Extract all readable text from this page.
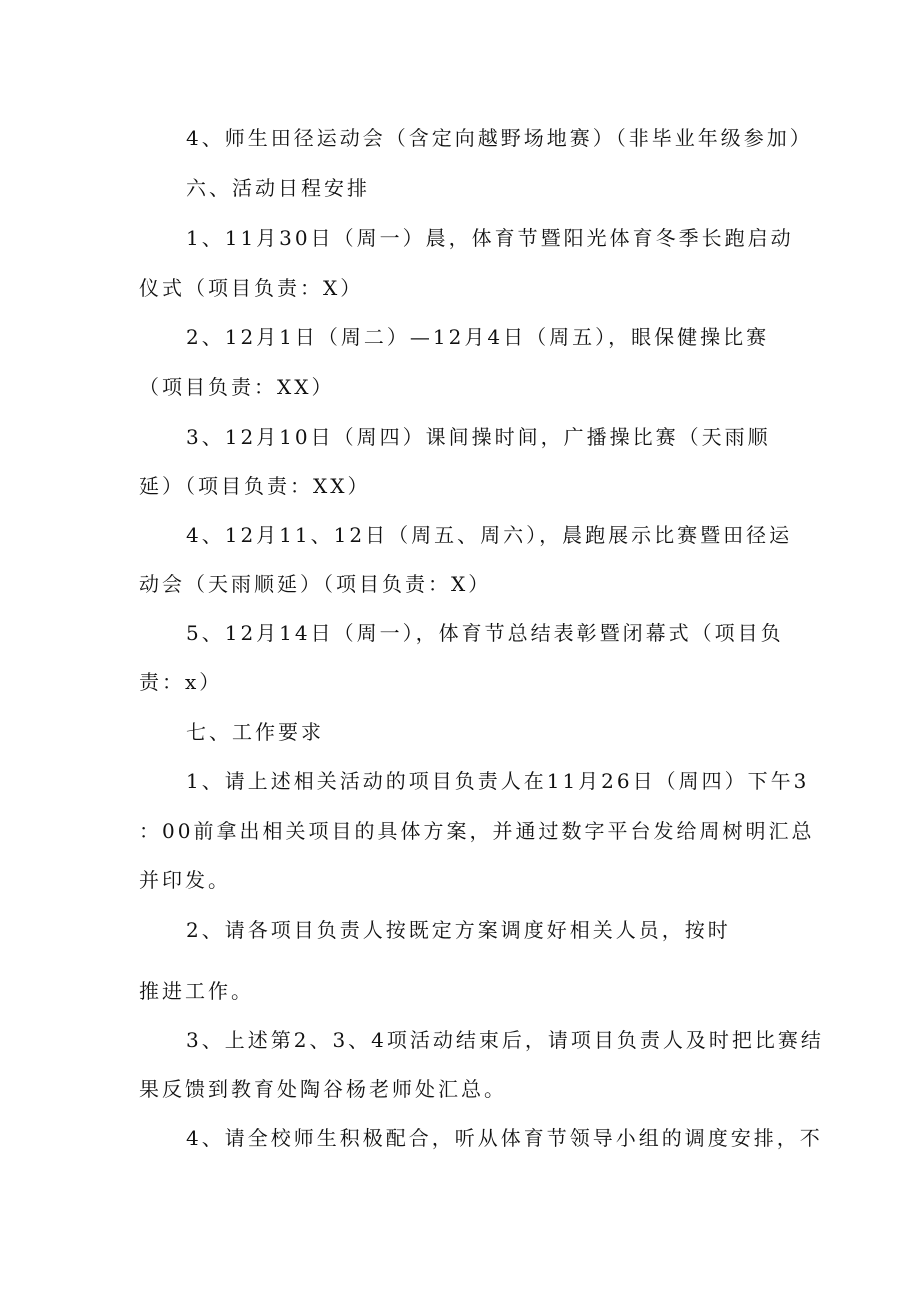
4、师生田径运动会（含定向越野场地赛）（非毕业年级参加）
六、活动日程安排
1、11月30日（周一）晨，体育节暨阳光体育冬季长跑启动
仪式（项目负责：X）
2、12月1日（周二）—12月4日（周五），眼保健操比赛
（项目负责：XX）
3、12月10日（周四）课间操时间，广播操比赛（天雨顺
延）（项目负责：XX）
4、12月11、12日（周五、周六），晨跑展示比赛暨田径运
动会（天雨顺延）（项目负责：X）
5、12月14日（周一），体育节总结表彰暨闭幕式（项目负
责：x）
七、工作要求
1、请上述相关活动的项目负责人在11月26日（周四）下午3
：00前拿出相关项目的具体方案，并通过数字平台发给周树明汇总
并印发。
2、请各项目负责人按既定方案调度好相关人员，按时
推进工作。
3、上述第2、3、4项活动结束后，请项目负责人及时把比赛结
果反馈到教育处陶谷杨老师处汇总。
4、请全校师生积极配合，听从体育节领导小组的调度安排，不
